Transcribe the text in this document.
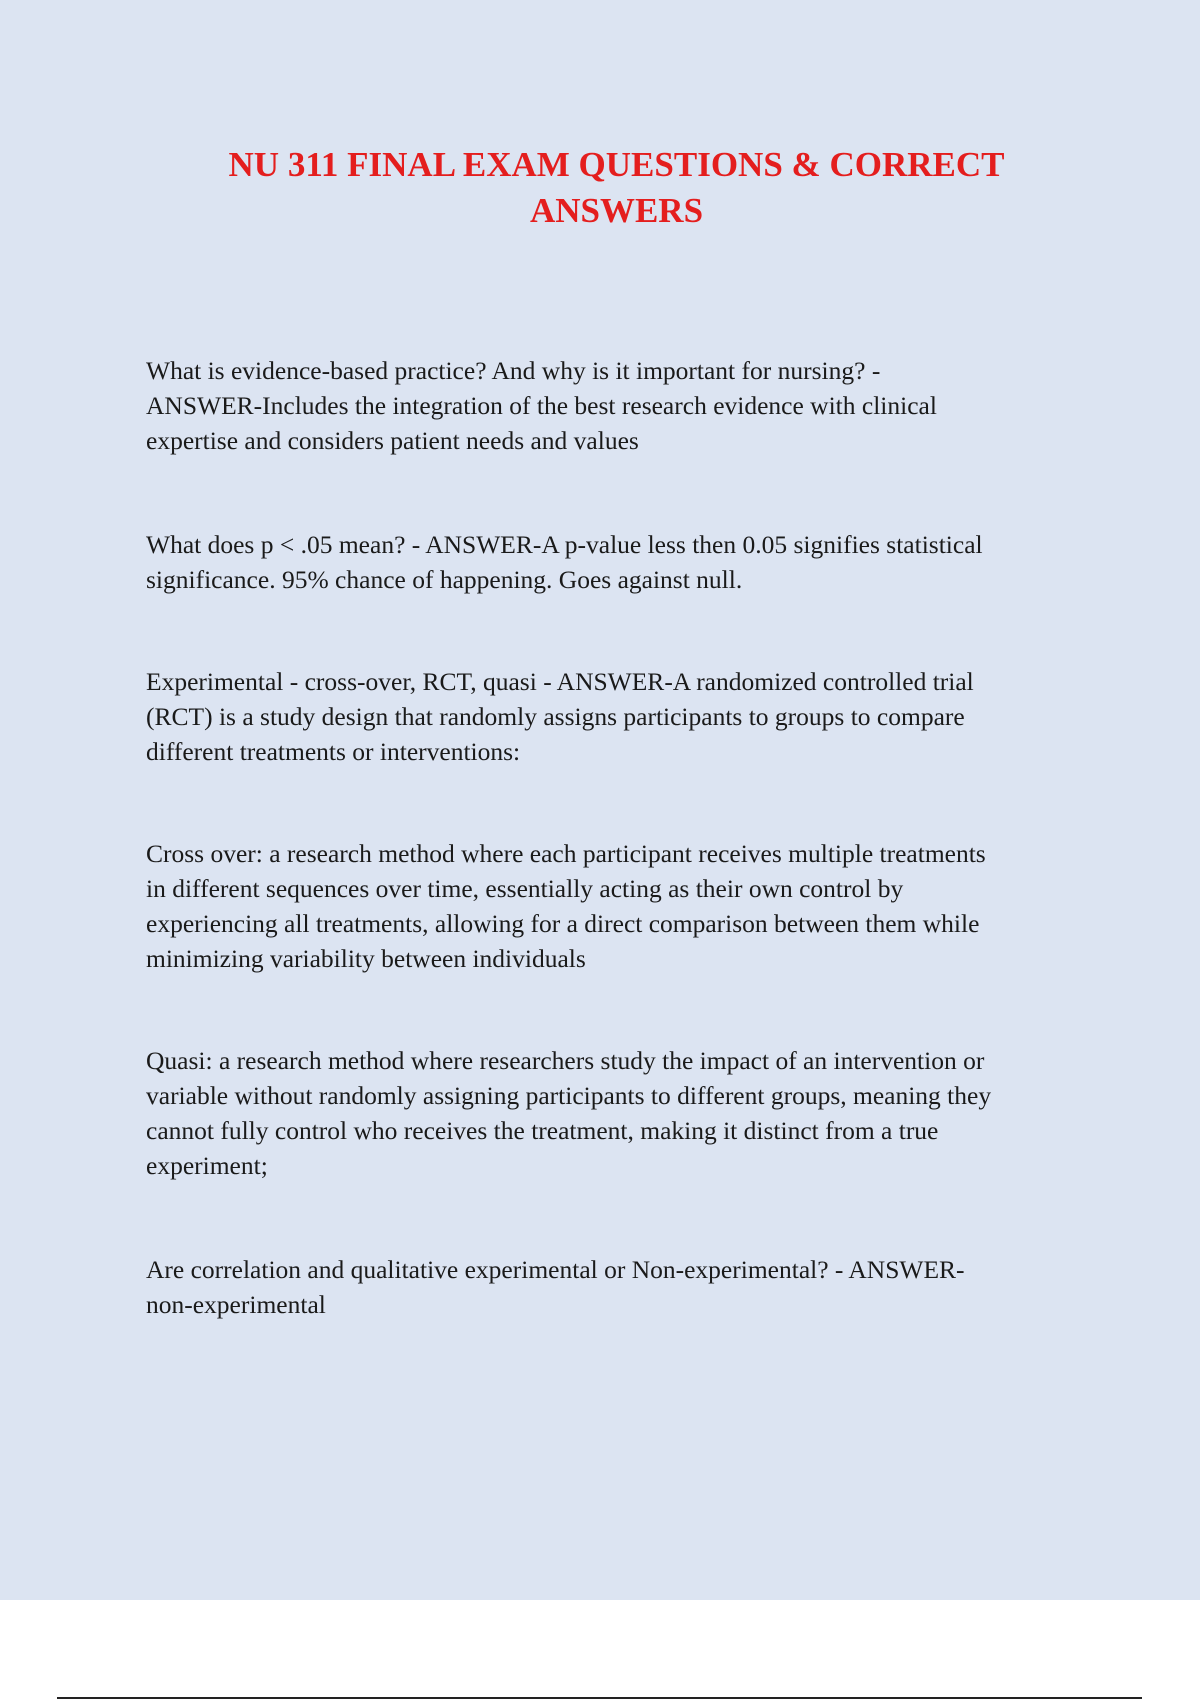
NU 311 FINAL EXAM QUESTIONS & CORRECT
ANSWERS

What is evidence-based practice? And why is it important for nursing? -

ANSWER-Includes the integration of the best research evidence with clinical

expertise and considers patient needs and values

What does p < .05 mean? - ANSWER-A p-value less then 0.05 signifies statistical

significance. 95% chance of happening. Goes against null.

Experimental - cross-over, RCT, quasi - ANSWER-A randomized controlled trial

(RCT) is a study design that randomly assigns participants to groups to compare

different treatments or interventions:

Cross over: a research method where each participant receives multiple treatments

in different sequences over time, essentially acting as their own control by

experiencing all treatments, allowing for a direct comparison between them while

minimizing variability between individuals

Quasi: a research method where researchers study the impact of an intervention or

variable without randomly assigning participants to different groups, meaning they

cannot fully control who receives the treatment, making it distinct from a true

experiment;

Are correlation and qualitative experimental or Non-experimental? - ANSWER-

non-experimental
